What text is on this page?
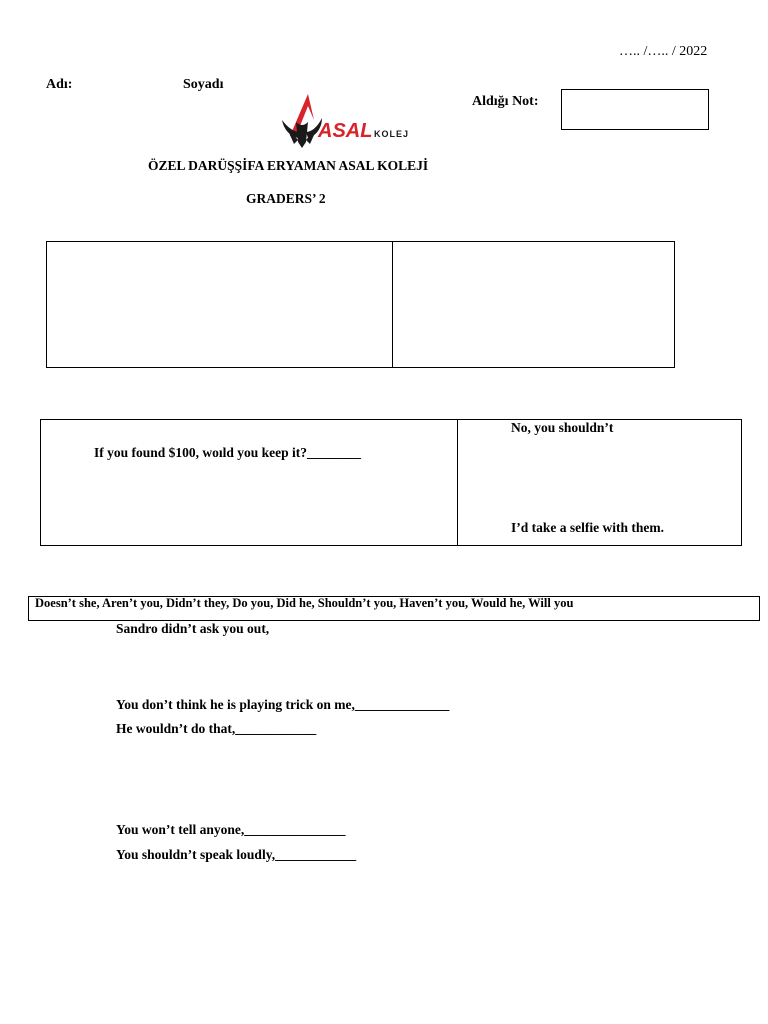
….. /….. / 2022
Adı:	Soyadı
Aldığı Not:
ASAL KOLEJ
ÖZEL DARÜŞŞİFA ERYAMAN ASAL KOLEJİ
GRADERS’ 2
If you found $100, woıld you keep it?________
No, you shouldn’t
I’d take a selfie with them.
Doesn’t she, Aren’t you, Didn’t they, Do you, Did he, Shouldn’t you, Haven’t you, Would he, Will you
Sandro didn’t ask you out,
You don’t think he is playing trick on me,______________
He wouldn’t do that,____________
You won’t tell anyone,_______________
You shouldn’t speak loudly,____________
